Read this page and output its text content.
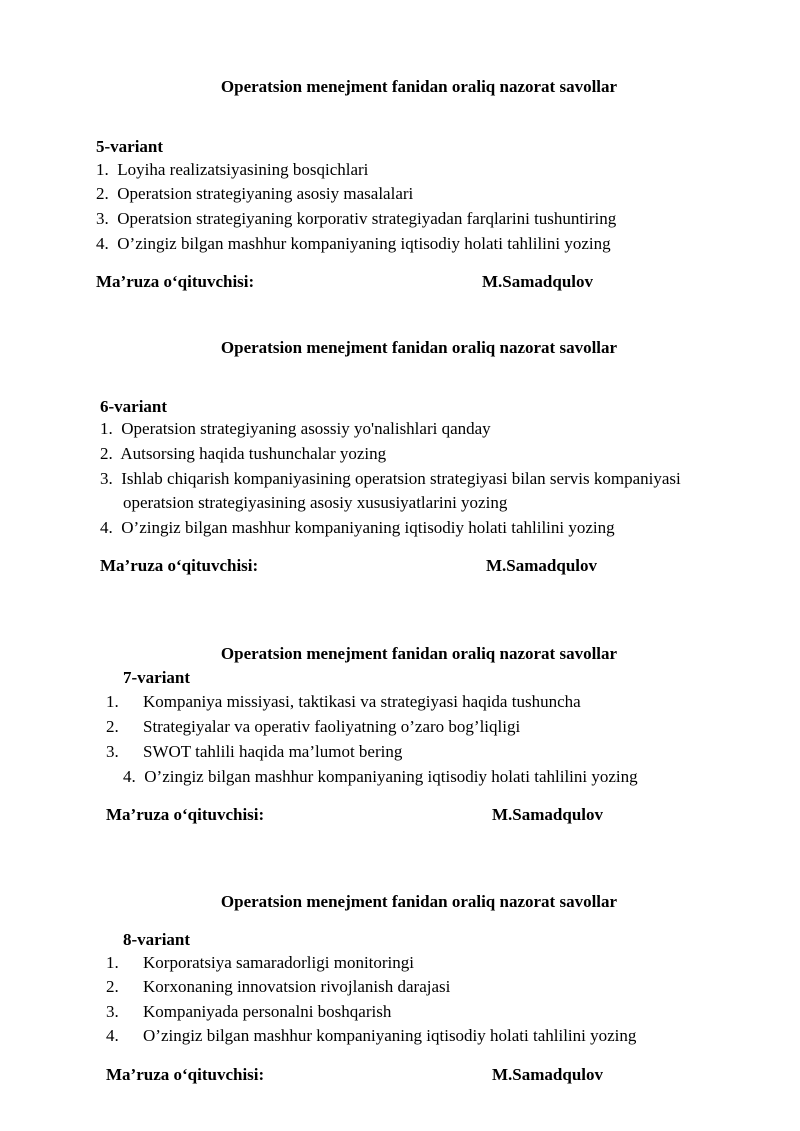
Operatsion menejment fanidan oraliq nazorat savollar
5-variant
1. Loyiha realizatsiyasining bosqichlari
2. Operatsion strategiyaning asosiy masalalari
3. Operatsion strategiyaning korporativ strategiyadan farqlarini tushuntiring
4. O’zingiz bilgan mashhur kompaniyaning iqtisodiy holati tahlilini yozing
Ma’ruza o‘qituvchisi:	M.Samadqulov
Operatsion menejment fanidan oraliq nazorat savollar
6-variant
1. Operatsion strategiyaning asossiy yo'nalishlari qanday
2. Autsorsing haqida tushunchalar yozing
3. Ishlab chiqarish kompaniyasining operatsion strategiyasi bilan servis kompaniyasi
operatsion strategiyasining asosiy xususiyatlarini yozing
4. O’zingiz bilgan mashhur kompaniyaning iqtisodiy holati tahlilini yozing
Ma’ruza o‘qituvchisi:	M.Samadqulov
Operatsion menejment fanidan oraliq nazorat savollar
7-variant
1. Kompaniya missiyasi, taktikasi va strategiyasi haqida tushuncha
2. Strategiyalar va operativ faoliyatning o’zaro bog’liqligi
3. SWOT tahlili haqida ma’lumot bering
4. O’zingiz bilgan mashhur kompaniyaning iqtisodiy holati tahlilini yozing
Ma’ruza o‘qituvchisi:	M.Samadqulov
Operatsion menejment fanidan oraliq nazorat savollar
8-variant
1. Korporatsiya samaradorligi monitoringi
2. Korxonaning innovatsion rivojlanish darajasi
3. Kompaniyada personalni boshqarish
4. O’zingiz bilgan mashhur kompaniyaning iqtisodiy holati tahlilini yozing
Ma’ruza o‘qituvchisi:	M.Samadqulov
